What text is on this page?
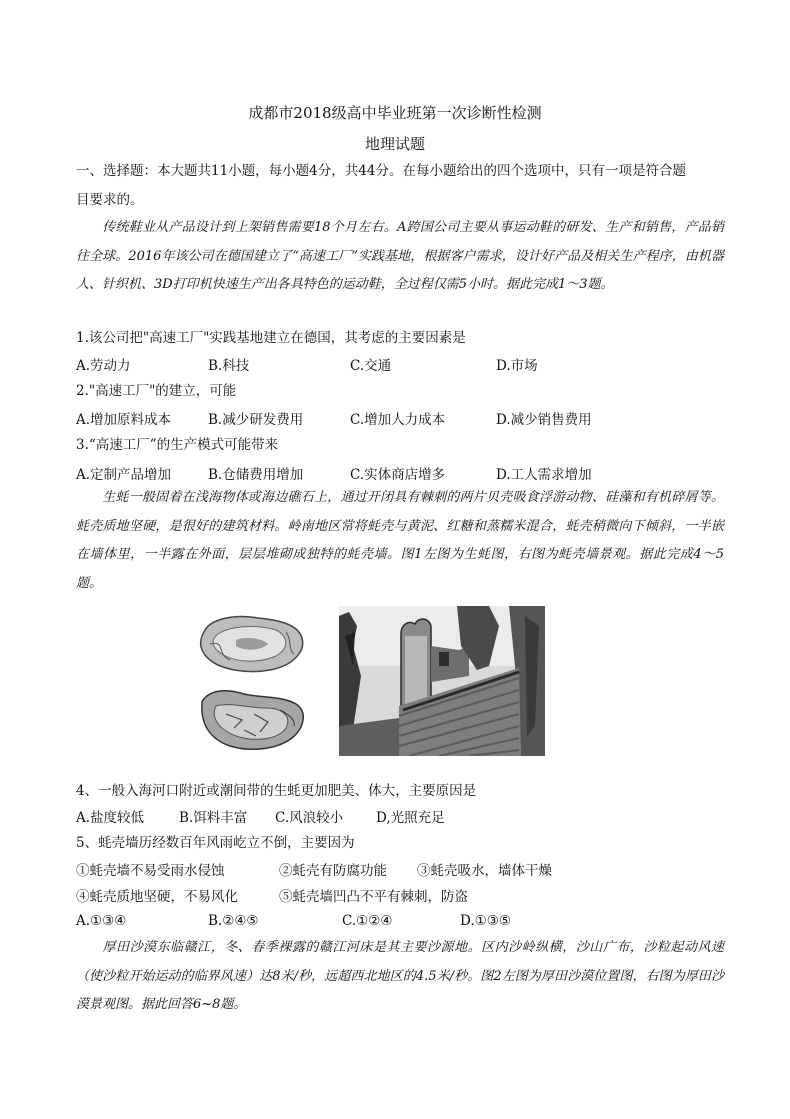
成都市2018级高中毕业班第一次诊断性检测
地理试题
一、选择题：本大题共11小题，每小题4分，共44分。在每小题给出的四个选项中，只有一项是符合题
目要求的。
传统鞋业从产品设计到上架销售需要18个月左右。A跨国公司主要从事运动鞋的研发、生产和销售，产品销往全球。2016年该公司在德国建立了“高速工厂”实践基地，根据客户需求，设计好产品及相关生产程序，由机器人、针织机、3D打印机快速生产出各具特色的运动鞋，全过程仅需5小时。据此完成1～3题。
1.该公司把"高速工厂"实践基地建立在德国，其考虑的主要因素是
A.劳动力	B.科技	C.交通	D.市场
2."高速工厂"的建立，可能
A.增加原料成本	B.减少研发费用	C.增加人力成本	D.减少销售费用
3.“高速工厂”的生产模式可能带来
A.定制产品增加	B.仓储费用增加	C.实体商店增多	D.工人需求增加
生蚝一般固着在浅海物体或海边礁石上，通过开闭具有棘刺的两片贝壳吸食浮游动物、硅藻和有机碎屑等。蚝壳质地坚硬，是很好的建筑材料。岭南地区常将蚝壳与黄泥、红糖和蒸糯米混合，蚝壳稍微向下倾斜，一半嵌在墙体里，一半露在外面，层层堆砌成独特的蚝壳墙。图1左图为生蚝图，右图为蚝壳墙景观。据此完成4～5题。
4、一般入海河口附近或潮间带的生蚝更加肥美、体大，主要原因是
A.盐度较低	B.饵料丰富 C.风浪较小 D,光照充足
5、蚝壳墙历经数百年风雨屹立不倒，主要因为
①蚝壳墙不易受雨水侵蚀	②蚝壳有防腐功能 ③蚝壳吸水，墙体干燥
④蚝壳质地坚硬，不易风化	⑤蚝壳墙凹凸不平有棘刺，防盗
A.①③④	B.②④⑤	C.①②④	D.①③⑤
厚田沙漠东临赣江，冬、春季裸露的赣江河床是其主要沙源地。区内沙岭纵横，沙山广布，沙粒起动风速（使沙粒开始运动的临界风速）达8米/秒，远超西北地区的4.5米/秒。图2左图为厚田沙漠位置图，右图为厚田沙漠景观图。据此回答6~8题。
